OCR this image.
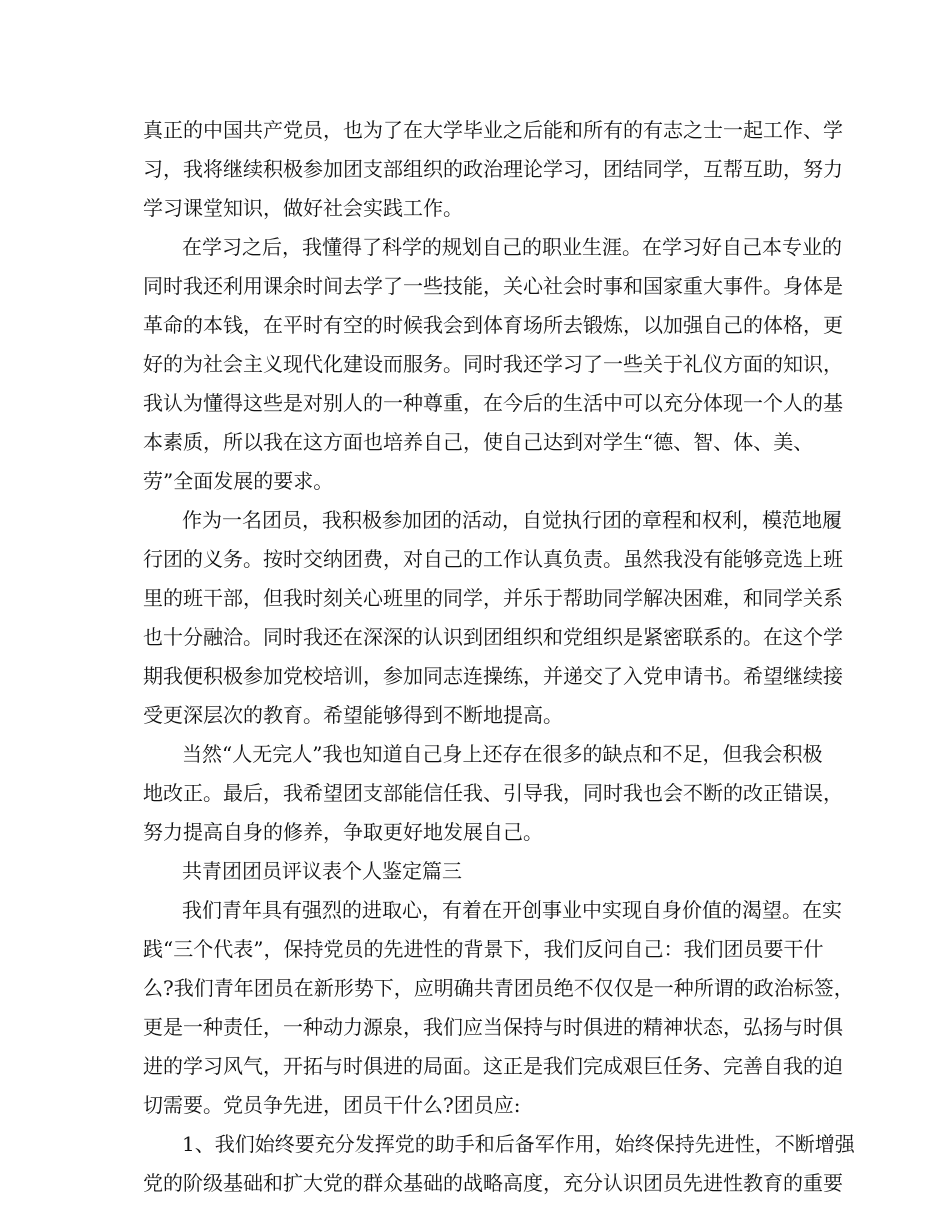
真正的中国共产党员，也为了在大学毕业之后能和所有的有志之士一起工作、学
习，我将继续积极参加团支部组织的政治理论学习，团结同学，互帮互助，努力
学习课堂知识，做好社会实践工作。
在学习之后，我懂得了科学的规划自己的职业生涯。在学习好自己本专业的
同时我还利用课余时间去学了一些技能，关心社会时事和国家重大事件。身体是
革命的本钱，在平时有空的时候我会到体育场所去锻炼，以加强自己的体格，更
好的为社会主义现代化建设而服务。同时我还学习了一些关于礼仪方面的知识，
我认为懂得这些是对别人的一种尊重，在今后的生活中可以充分体现一个人的基
本素质，所以我在这方面也培养自己，使自己达到对学生“德、智、体、美、
劳”全面发展的要求。
作为一名团员，我积极参加团的活动，自觉执行团的章程和权利，模范地履
行团的义务。按时交纳团费，对自己的工作认真负责。虽然我没有能够竞选上班
里的班干部，但我时刻关心班里的同学，并乐于帮助同学解决困难，和同学关系
也十分融洽。同时我还在深深的认识到团组织和党组织是紧密联系的。在这个学
期我便积极参加党校培训，参加同志连操练，并递交了入党申请书。希望继续接
受更深层次的教育。希望能够得到不断地提高。
当然“人无完人”我也知道自己身上还存在很多的缺点和不足，但我会积极
地改正。最后，我希望团支部能信任我、引导我，同时我也会不断的改正错误，
努力提高自身的修养，争取更好地发展自己。
共青团团员评议表个人鉴定篇三
我们青年具有强烈的进取心，有着在开创事业中实现自身价值的渴望。在实
践“三个代表”，保持党员的先进性的背景下，我们反问自己：我们团员要干什
么?我们青年团员在新形势下，应明确共青团员绝不仅仅是一种所谓的政治标签，
更是一种责任，一种动力源泉，我们应当保持与时俱进的精神状态，弘扬与时俱
进的学习风气，开拓与时俱进的局面。这正是我们完成艰巨任务、完善自我的迫
切需要。党员争先进，团员干什么?团员应:
1、我们始终要充分发挥党的助手和后备军作用，始终保持先进性，不断增强
党的阶级基础和扩大党的群众基础的战略高度，充分认识团员先进性教育的重要
